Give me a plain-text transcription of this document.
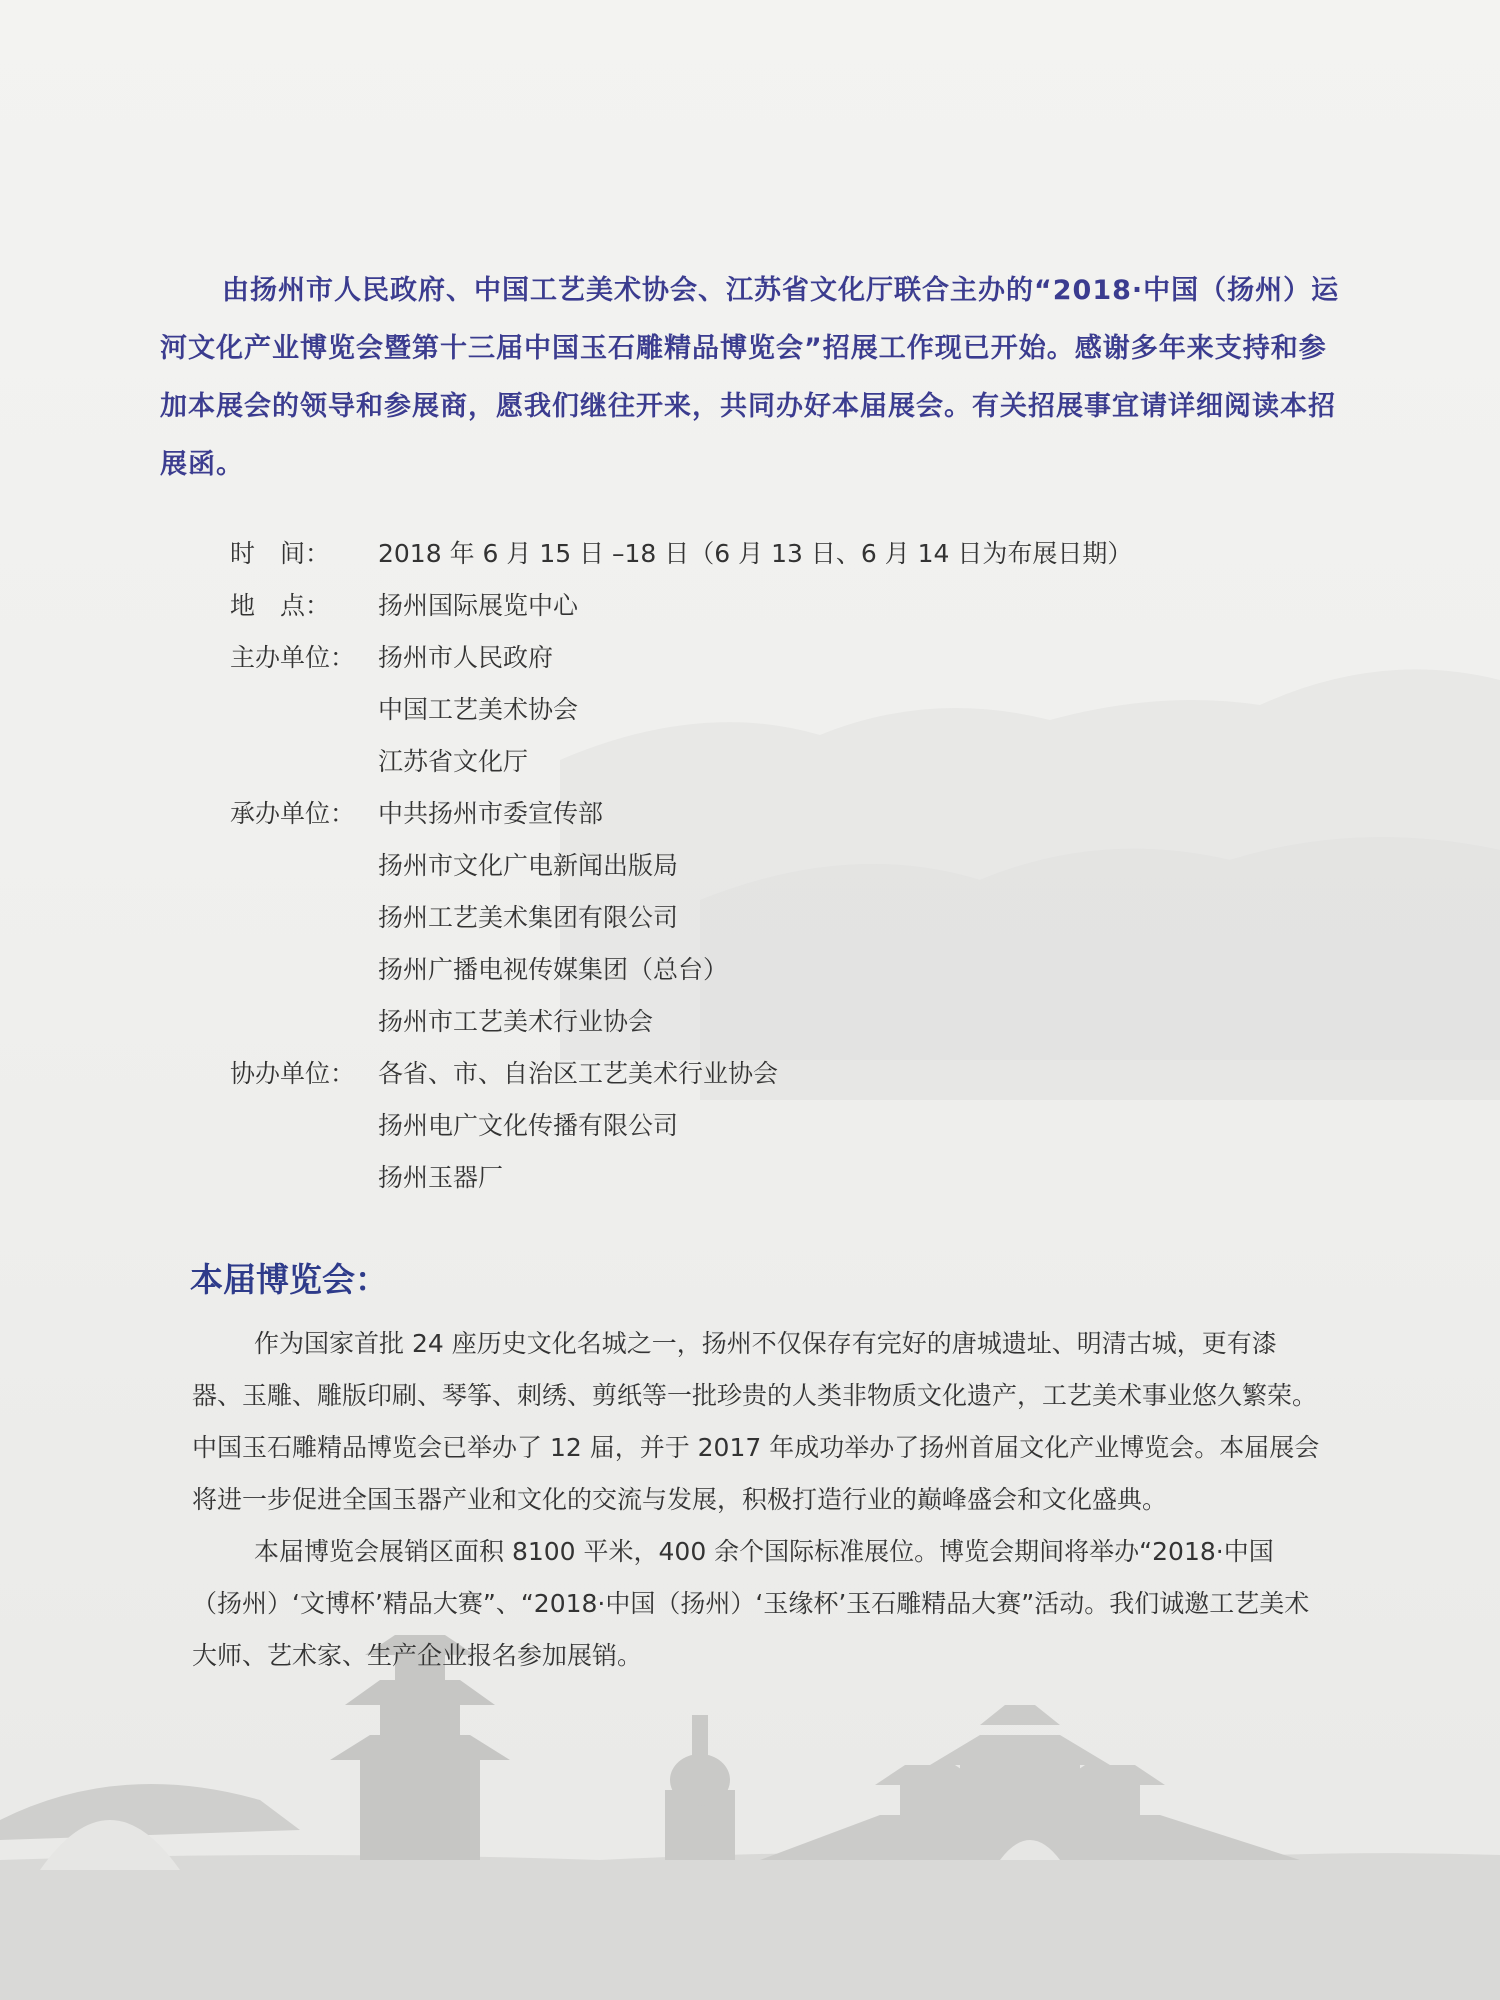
由扬州市人民政府、中国工艺美术协会、江苏省文化厅联合主办的“2018·中国（扬州）运河文化产业博览会暨第十三届中国玉石雕精品博览会”招展工作现已开始。感谢多年来支持和参加本展会的领导和参展商，愿我们继往开来，共同办好本届展会。有关招展事宜请详细阅读本招展函。

时　间：	2018 年 6 月 15 日 –18 日（6 月 13 日、6 月 14 日为布展日期）
地　点：	扬州国际展览中心
主办单位： 扬州市人民政府
中国工艺美术协会
江苏省文化厅
承办单位： 中共扬州市委宣传部
扬州市文化广电新闻出版局
扬州工艺美术集团有限公司
扬州广播电视传媒集团（总台）
扬州市工艺美术行业协会
协办单位： 各省、市、自治区工艺美术行业协会
扬州电广文化传播有限公司
扬州玉器厂
本届博览会：

作为国家首批 24 座历史文化名城之一，扬州不仅保存有完好的唐城遗址、明清古城，更有漆器、玉雕、雕版印刷、琴筝、刺绣、剪纸等一批珍贵的人类非物质文化遗产，工艺美术事业悠久繁荣。中国玉石雕精品博览会已举办了 12 届，并于 2017 年成功举办了扬州首届文化产业博览会。本届展会将进一步促进全国玉器产业和文化的交流与发展，积极打造行业的巅峰盛会和文化盛典。

本届博览会展销区面积 8100 平米，400 余个国际标准展位。博览会期间将举办“2018·中国（扬州）‘文博杯’精品大赛”、“2018·中国（扬州）‘玉缘杯’玉石雕精品大赛”活动。我们诚邀工艺美术大师、艺术家、生产企业报名参加展销。
